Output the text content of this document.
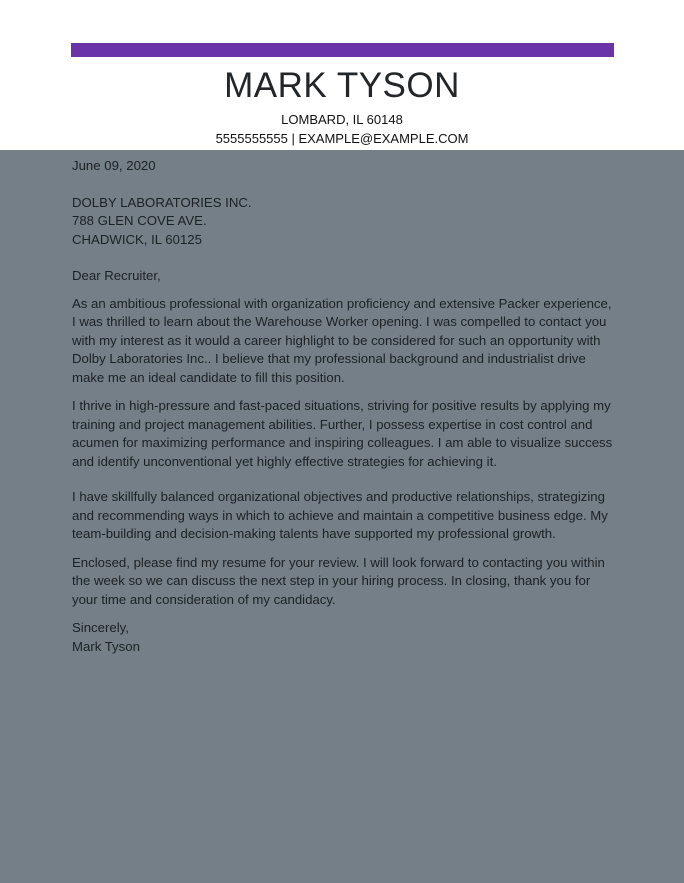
MARK TYSON
LOMBARD, IL 60148
5555555555 | EXAMPLE@EXAMPLE.COM

June 09, 2020

DOLBY LABORATORIES INC.

788 GLEN COVE AVE.

CHADWICK, IL 60125

Dear Recruiter,

As an ambitious professional with organization proficiency and extensive Packer experience, I was thrilled to learn about the Warehouse Worker opening. I was compelled to contact you with my interest as it would a career highlight to be considered for such an opportunity with Dolby Laboratories Inc.. I believe that my professional background and industrialist drive make me an ideal candidate to fill this position.

I thrive in high-pressure and fast-paced situations, striving for positive results by applying my training and project management abilities. Further, I possess expertise in cost control and acumen for maximizing performance and inspiring colleagues. I am able to visualize success and identify unconventional yet highly effective strategies for achieving it.

I have skillfully balanced organizational objectives and productive relationships, strategizing and recommending ways in which to achieve and maintain a competitive business edge. My team-building and decision-making talents have supported my professional growth.

Enclosed, please find my resume for your review. I will look forward to contacting you within the week so we can discuss the next step in your hiring process. In closing, thank you for your time and consideration of my candidacy.

Sincerely,

Mark Tyson
